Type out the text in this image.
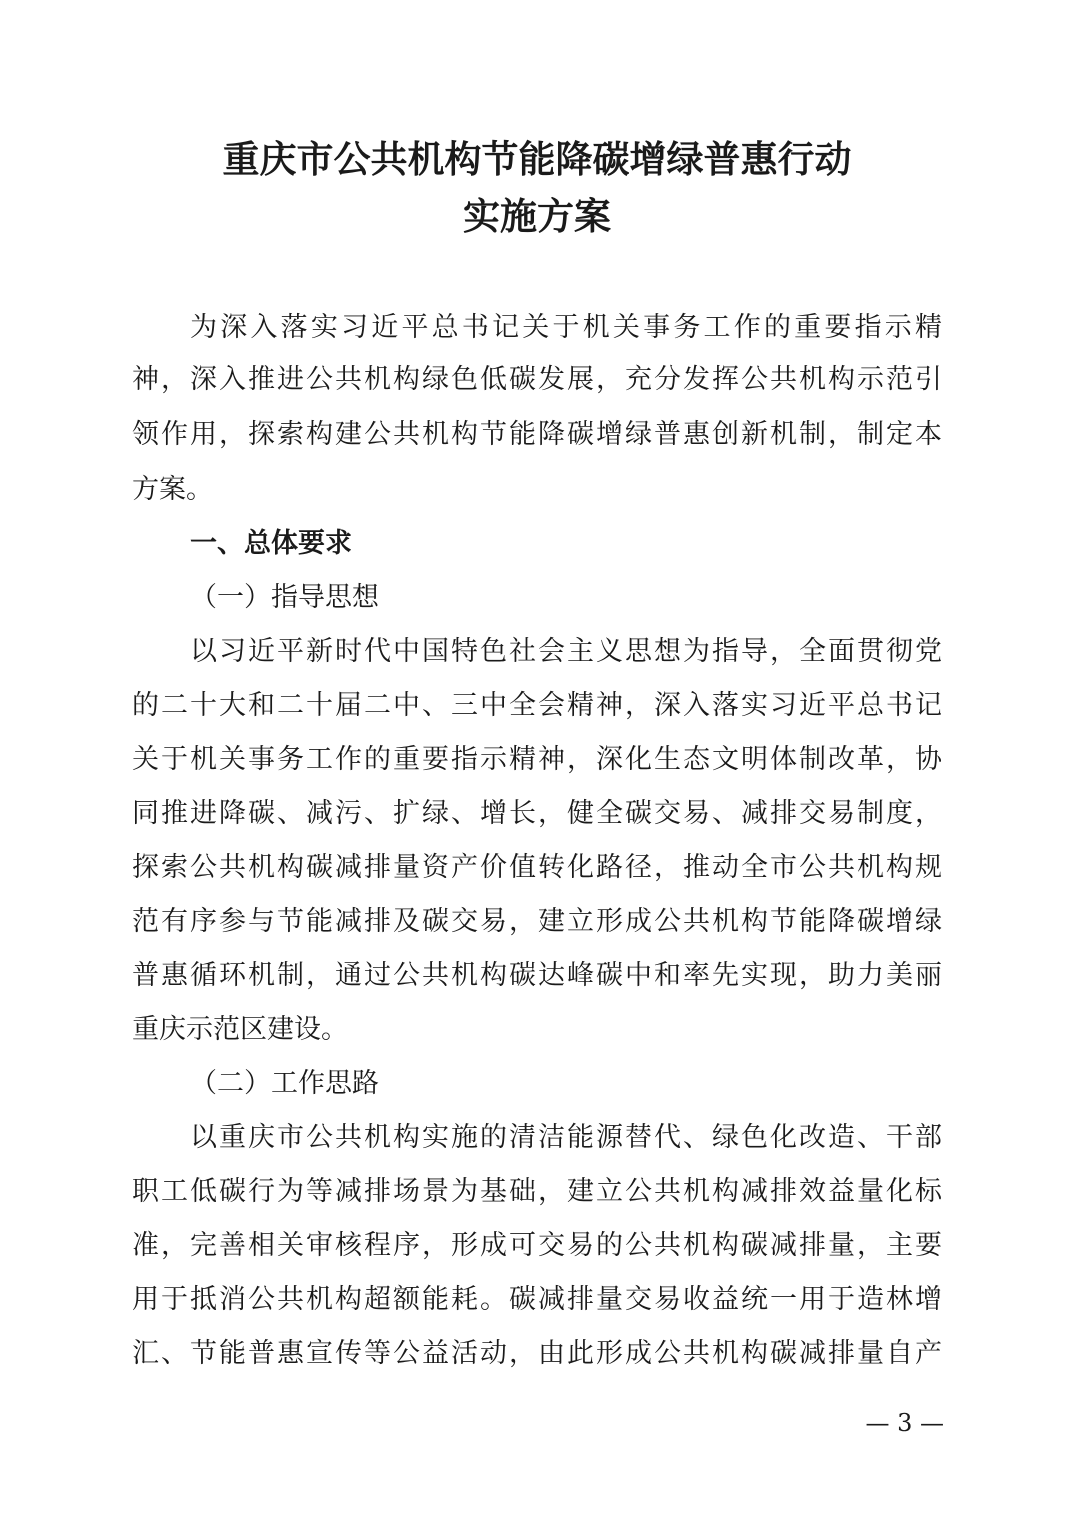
重庆市公共机构节能降碳增绿普惠行动
实施方案
为深入落实习近平总书记关于机关事务工作的重要指示精
神，深入推进公共机构绿色低碳发展，充分发挥公共机构示范引
领作用，探索构建公共机构节能降碳增绿普惠创新机制，制定本
方案。
一、总体要求
（一）指导思想
以习近平新时代中国特色社会主义思想为指导，全面贯彻党
的二十大和二十届二中、三中全会精神，深入落实习近平总书记
关于机关事务工作的重要指示精神，深化生态文明体制改革，协
同推进降碳、减污、扩绿、增长，健全碳交易、减排交易制度，
探索公共机构碳减排量资产价值转化路径，推动全市公共机构规
范有序参与节能减排及碳交易，建立形成公共机构节能降碳增绿
普惠循环机制，通过公共机构碳达峰碳中和率先实现，助力美丽
重庆示范区建设。
（二）工作思路
以重庆市公共机构实施的清洁能源替代、绿色化改造、干部
职工低碳行为等减排场景为基础，建立公共机构减排效益量化标
准，完善相关审核程序，形成可交易的公共机构碳减排量，主要
用于抵消公共机构超额能耗。碳减排量交易收益统一用于造林增
汇、节能普惠宣传等公益活动，由此形成公共机构碳减排量自产
— 3 —
